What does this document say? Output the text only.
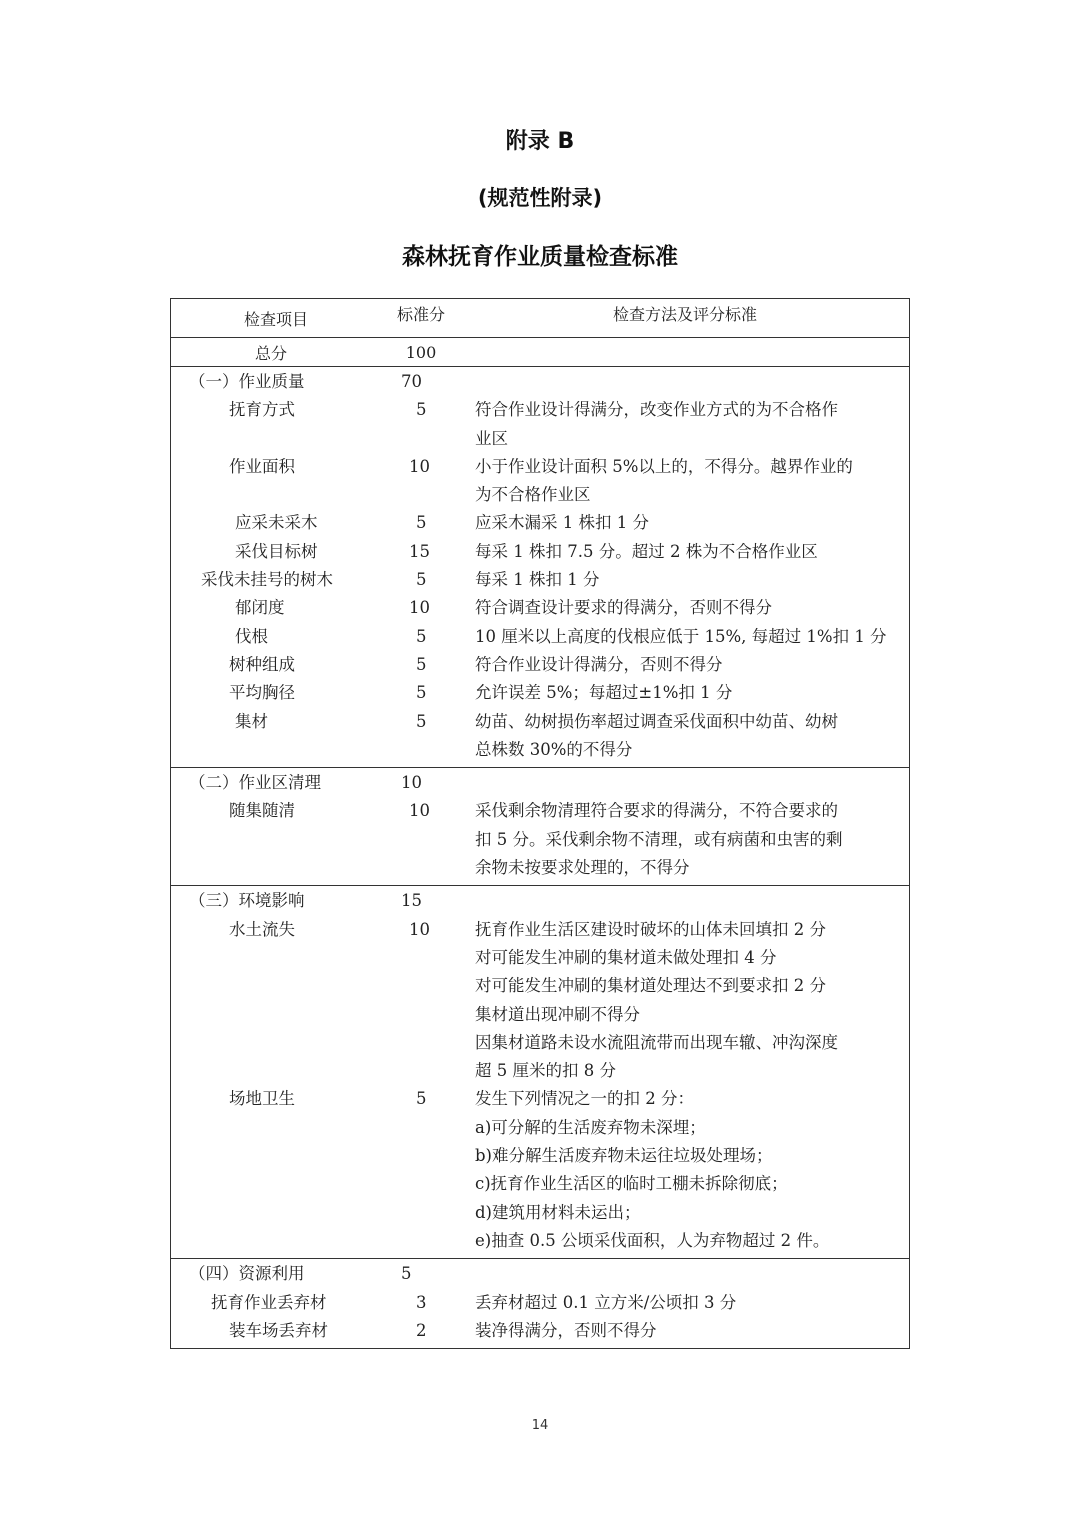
附录 B
(规范性附录)
森林抚育作业质量检查标准
检查项目	标准分	检查方法及评分标准
总分	100
（一）作业质量	70
抚育方式	5	符合作业设计得满分，改变作业方式的为不合格作
业区
作业面积	10	小于作业设计面积 5%以上的，不得分。越界作业的
为不合格作业区
应采未采木	5	应采木漏采 1 株扣 1 分
采伐目标树	15	每采 1 株扣 7.5 分。超过 2 株为不合格作业区
采伐未挂号的树木	5	每采 1 株扣 1 分
郁闭度	10	符合调查设计要求的得满分，否则不得分
伐根	5	10 厘米以上高度的伐根应低于 15%, 每超过 1%扣 1 分
树种组成	5	符合作业设计得满分，否则不得分
平均胸径	5	允许误差 5%；每超过±1%扣 1 分
集材	5	幼苗、幼树损伤率超过调查采伐面积中幼苗、幼树
总株数 30%的不得分
（二）作业区清理	10
随集随清	10	采伐剩余物清理符合要求的得满分，不符合要求的
扣 5 分。采伐剩余物不清理，或有病菌和虫害的剩
余物未按要求处理的，不得分
（三）环境影响	15
水土流失	10	抚育作业生活区建设时破坏的山体未回填扣 2 分
对可能发生冲刷的集材道未做处理扣 4 分
对可能发生冲刷的集材道处理达不到要求扣 2 分
集材道出现冲刷不得分
因集材道路未设水流阻流带而出现车辙、冲沟深度
超 5 厘米的扣 8 分
场地卫生	5	发生下列情况之一的扣 2 分：
a)可分解的生活废弃物未深埋；
b)难分解生活废弃物未运往垃圾处理场；
c)抚育作业生活区的临时工棚未拆除彻底；
d)建筑用材料未运出；
e)抽查 0.5 公顷采伐面积，人为弃物超过 2 件。
（四）资源利用	5
抚育作业丢弃材	3	丢弃材超过 0.1 立方米/公顷扣 3 分
装车场丢弃材	2	装净得满分，否则不得分
14
